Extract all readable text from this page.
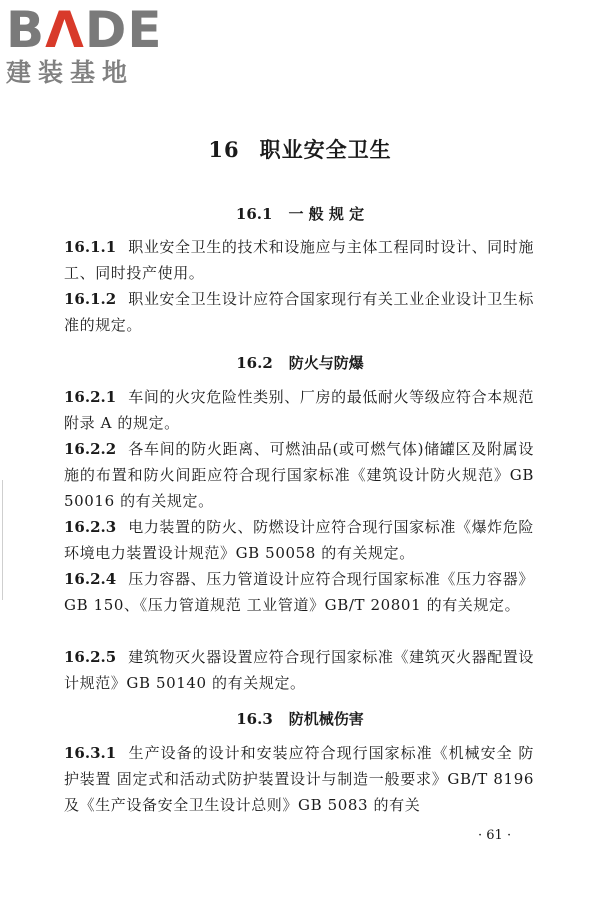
BΛDE
建装基地
16 职业安全卫生
16.1 一 般 规 定
16.1.1 职业安全卫生的技术和设施应与主体工程同时设计、同时施工、同时投产使用。
16.1.2 职业安全卫生设计应符合国家现行有关工业企业设计卫生标准的规定。
16.2 防火与防爆
16.2.1 车间的火灾危险性类别、厂房的最低耐火等级应符合本规范附录 A 的规定。
16.2.2 各车间的防火距离、可燃油品(或可燃气体)储罐区及附属设施的布置和防火间距应符合现行国家标准《建筑设计防火规范》GB 50016 的有关规定。
16.2.3 电力装置的防火、防燃设计应符合现行国家标准《爆炸危险环境电力装置设计规范》GB 50058 的有关规定。
16.2.4 压力容器、压力管道设计应符合现行国家标准《压力容器》GB 150、《压力管道规范 工业管道》GB/T 20801 的有关规定。
16.2.5 建筑物灭火器设置应符合现行国家标准《建筑灭火器配置设计规范》GB 50140 的有关规定。
16.3 防机械伤害
16.3.1 生产设备的设计和安装应符合现行国家标准《机械安全 防护装置 固定式和活动式防护装置设计与制造一般要求》GB/T 8196 及《生产设备安全卫生设计总则》GB 5083 的有关
· 61 ·
